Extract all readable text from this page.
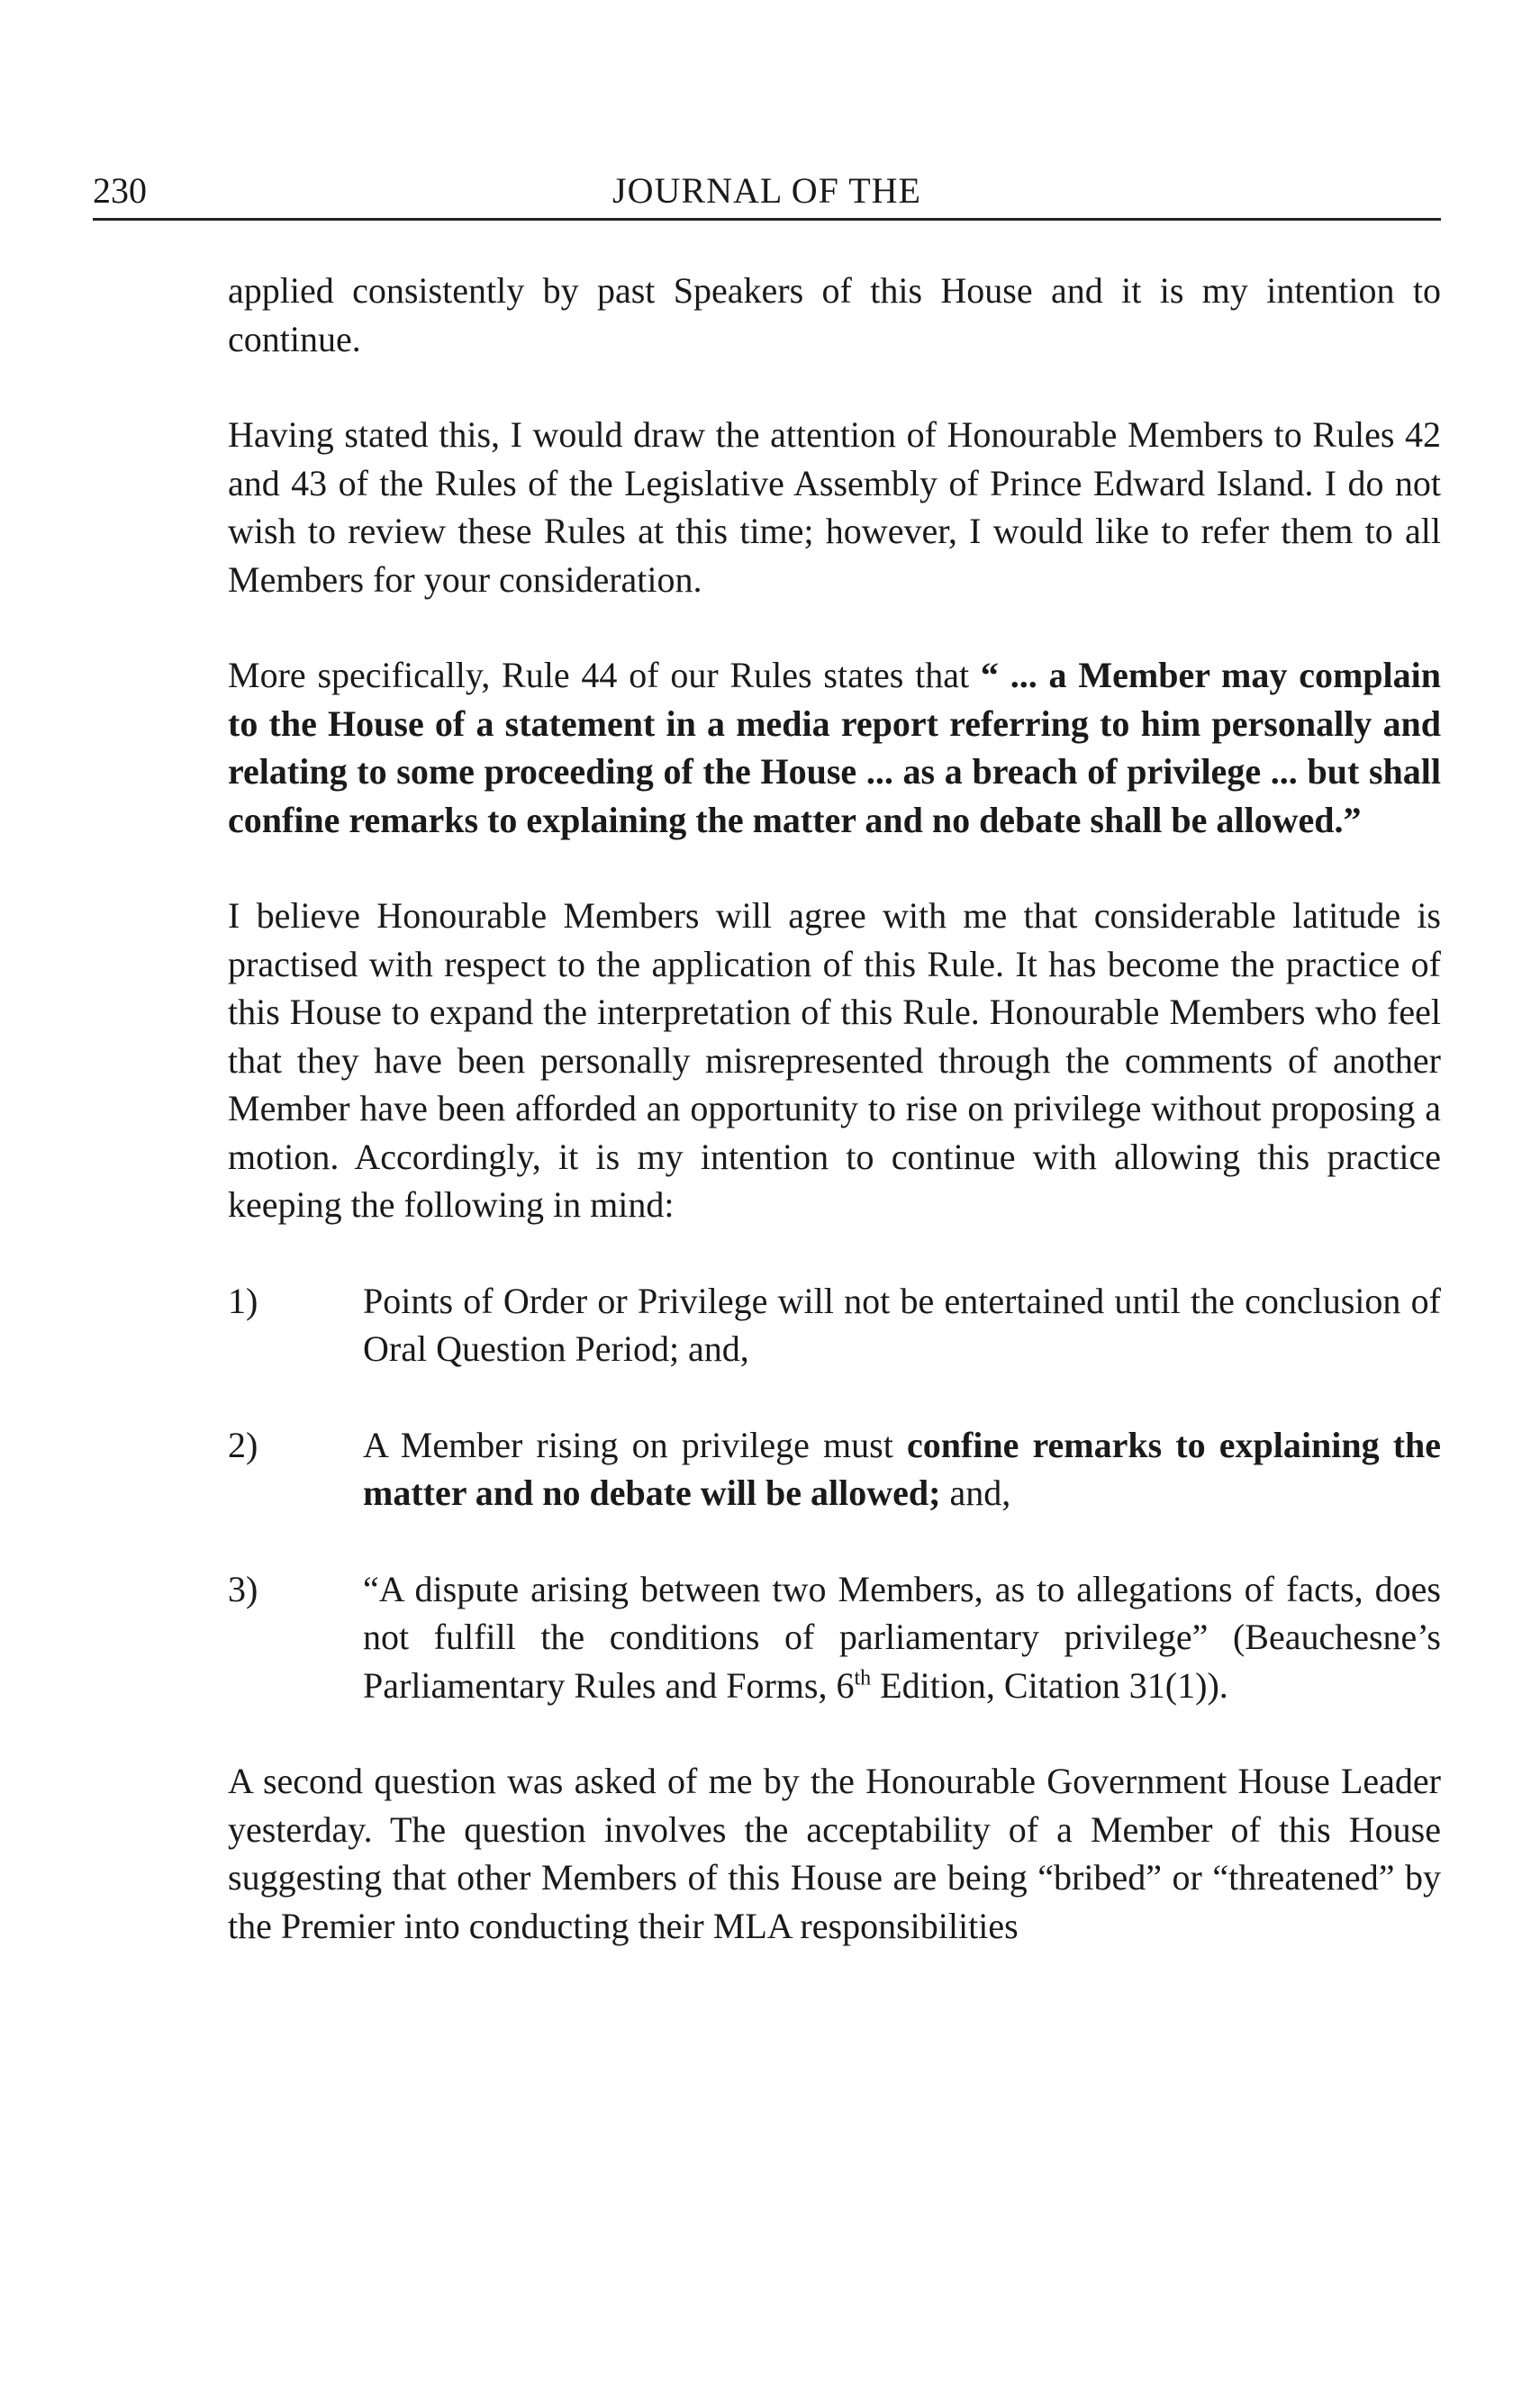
230	JOURNAL OF THE

applied consistently by past Speakers of this House and it is my intention to continue.

Having stated this, I would draw the attention of Honourable Members to Rules 42 and 43 of the Rules of the Legislative Assembly of Prince Edward Island. I do not wish to review these Rules at this time; however, I would like to refer them to all Members for your consideration.

More specifically, Rule 44 of our Rules states that “ ... a Member may complain to the House of a statement in a media report referring to him personally and relating to some proceeding of the House ... as a breach of privilege ... but shall confine remarks to explaining the matter and no debate shall be allowed.”

I believe Honourable Members will agree with me that considerable latitude is practised with respect to the application of this Rule. It has become the practice of this House to expand the interpretation of this Rule. Honourable Members who feel that they have been personally misrepresented through the comments of another Member have been afforded an opportunity to rise on privilege without proposing a motion. Accordingly, it is my intention to continue with allowing this practice keeping the following in mind:

1)	Points of Order or Privilege will not be entertained until the conclusion of Oral Question Period; and,
2)	A Member rising on privilege must confine remarks to explaining the matter and no debate will be allowed; and,
3)	“A dispute arising between two Members, as to allegations of facts, does not fulfill the conditions of parliamentary privilege” (Beauchesne’s Parliamentary Rules and Forms, 6th Edition, Citation 31(1)).

A second question was asked of me by the Honourable Government House Leader yesterday. The question involves the acceptability of a Member of this House suggesting that other Members of this House are being “bribed” or “threatened” by the Premier into conducting their MLA responsibilities
